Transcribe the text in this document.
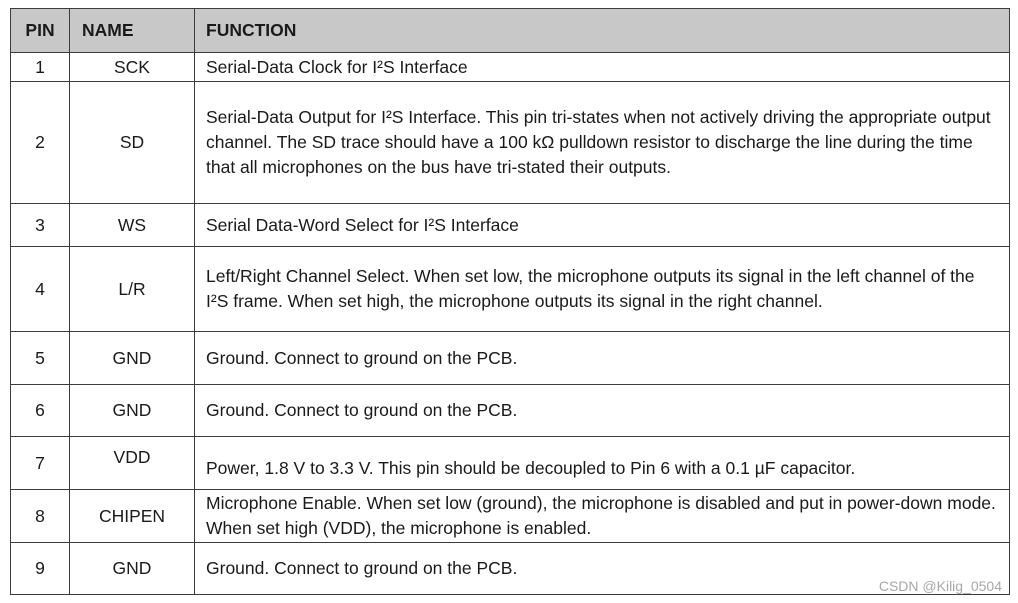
PIN	NAME	FUNCTION
1	SCK	Serial-Data Clock for I²S Interface
2	SD	Serial-Data Output for I²S Interface. This pin tri-states when not actively driving the appropriate output channel. The SD trace should have a 100 kΩ pulldown resistor to discharge the line during the time that all microphones on the bus have tri-stated their outputs.
3	WS	Serial Data-Word Select for I²S Interface
4	L/R	Left/Right Channel Select. When set low, the microphone outputs its signal in the left channel of the I²S frame. When set high, the microphone outputs its signal in the right channel.
5	GND	Ground. Connect to ground on the PCB.
6	GND	Ground. Connect to ground on the PCB.
7	VDD	Power, 1.8 V to 3.3 V. This pin should be decoupled to Pin 6 with a 0.1 µF capacitor.
8	CHIPEN	Microphone Enable. When set low (ground), the microphone is disabled and put in power-down mode. When set high (VDD), the microphone is enabled.
9	GND	Ground. Connect to ground on the PCB.
CSDN @Kilig_0504
